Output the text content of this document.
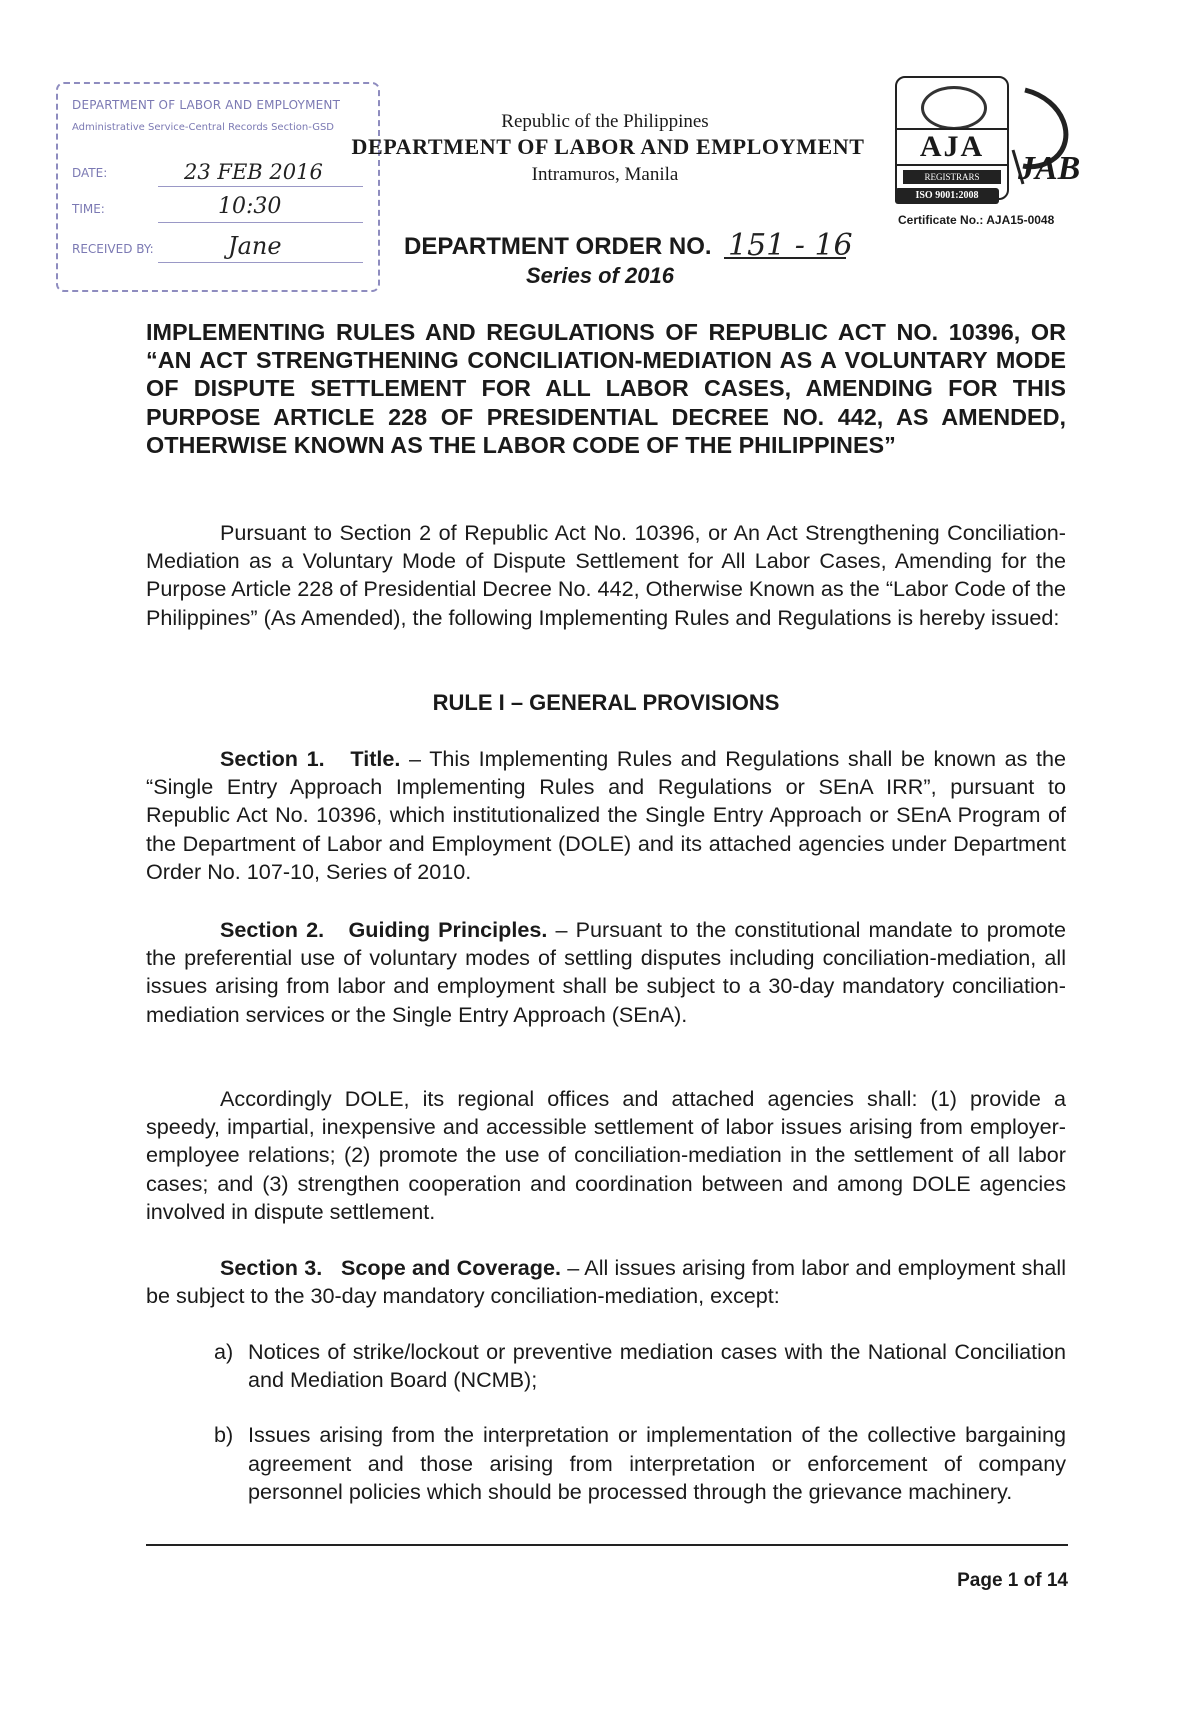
DEPARTMENT OF LABOR AND EMPLOYMENT
Administrative Service-Central Records Section-GSD
DATE:	23 FEB 2016
TIME:	10:30
RECEIVED BY:	Jane
Republic of the Philippines
DEPARTMENT OF LABOR AND EMPLOYMENT
Intramuros, Manila
AJA
REGISTRARS
ISO 9001:2008
JAB
Certificate No.: AJA15-0048
DEPARTMENT ORDER NO. 151 - 16
Series of 2016
IMPLEMENTING RULES AND REGULATIONS OF REPUBLIC ACT NO. 10396, OR “AN ACT STRENGTHENING CONCILIATION-MEDIATION AS A VOLUNTARY MODE OF DISPUTE SETTLEMENT FOR ALL LABOR CASES, AMENDING FOR THIS PURPOSE ARTICLE 228 OF PRESIDENTIAL DECREE NO. 442, AS AMENDED, OTHERWISE KNOWN AS THE LABOR CODE OF THE PHILIPPINES”
Pursuant to Section 2 of Republic Act No. 10396, or An Act Strengthening Conciliation-Mediation as a Voluntary Mode of Dispute Settlement for All Labor Cases, Amending for the Purpose Article 228 of Presidential Decree No. 442, Otherwise Known as the “Labor Code of the Philippines” (As Amended), the following Implementing Rules and Regulations is hereby issued:
RULE I – GENERAL PROVISIONS
Section 1. Title. – This Implementing Rules and Regulations shall be known as the “Single Entry Approach Implementing Rules and Regulations or SEnA IRR”, pursuant to Republic Act No. 10396, which institutionalized the Single Entry Approach or SEnA Program of the Department of Labor and Employment (DOLE) and its attached agencies under Department Order No. 107-10, Series of 2010.
Section 2. Guiding Principles. – Pursuant to the constitutional mandate to promote the preferential use of voluntary modes of settling disputes including conciliation-mediation, all issues arising from labor and employment shall be subject to a 30-day mandatory conciliation-mediation services or the Single Entry Approach (SEnA).
Accordingly DOLE, its regional offices and attached agencies shall: (1) provide a speedy, impartial, inexpensive and accessible settlement of labor issues arising from employer-employee relations; (2) promote the use of conciliation-mediation in the settlement of all labor cases; and (3) strengthen cooperation and coordination between and among DOLE agencies involved in dispute settlement.
Section 3. Scope and Coverage. – All issues arising from labor and employment shall be subject to the 30-day mandatory conciliation-mediation, except:
a) Notices of strike/lockout or preventive mediation cases with the National Conciliation and Mediation Board (NCMB);
b) Issues arising from the interpretation or implementation of the collective bargaining agreement and those arising from interpretation or enforcement of company personnel policies which should be processed through the grievance machinery.
Page 1 of 14
